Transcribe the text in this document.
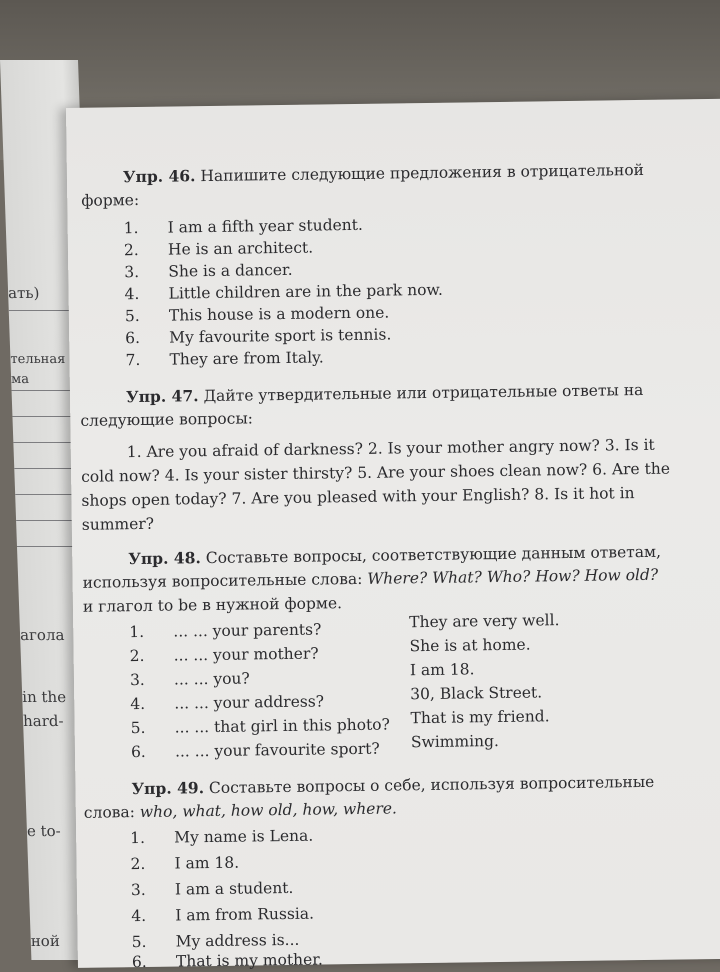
ать)
тельная
ма
агола
in the
hard-
e to-
ной
Упр. 46. Напишите следующие предложения в отрицательной
форме:
1. I am a fifth year student.
2. He is an architect.
3. She is a dancer.
4. Little children are in the park now.
5. This house is a modern one.
6. My favourite sport is tennis.
7. They are from Italy.
Упр. 47. Дайте утвердительные или отрицательные ответы на
следующие вопросы:
1. Are you afraid of darkness? 2. Is your mother angry now? 3. Is it
cold now? 4. Is your sister thirsty? 5. Are your shoes clean now? 6. Are the
shops open today? 7. Are you pleased with your English? 8. Is it hot in
summer?
Упр. 48. Составьте вопросы, соответствующие данным ответам,
используя вопросительные слова: Where? What? Who? How? How old?
и глагол to be в нужной форме.
1. ... ... your parents?	They are very well.
2. ... ... your mother?	She is at home.
3. ... ... you?	I am 18.
4. ... ... your address?	30, Black Street.
5. ... ... that girl in this photo? That is my friend.
6. ... ... your favourite sport? Swimming.
Упр. 49. Составьте вопросы о себе, используя вопросительные
слова: who, what, how old, how, where.
1. My name is Lena.
2. I am 18.
3. I am a student.
4. I am from Russia.
5. My address is...
6. That is my mother.
